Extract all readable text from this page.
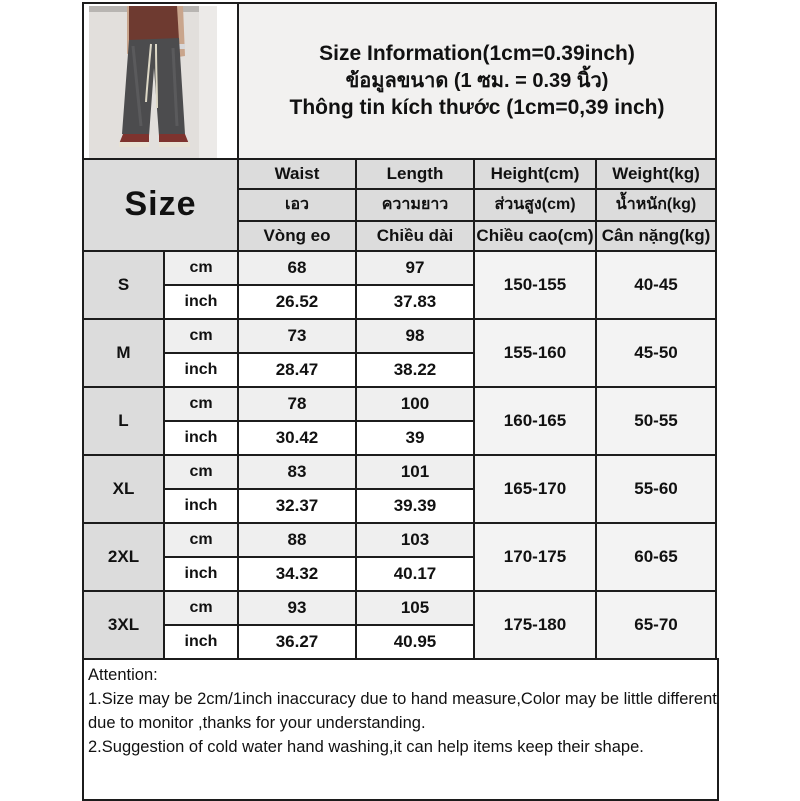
Size Information(1cm=0.39inch)
ข้อมูลขนาด (1 ซม. = 0.39 นิ้ว)
Thông tin kích thước (1cm=0,39 inch)			

Size		Waist	Length	Height(cm)	Weight(kg)
		เอว	ความยาว	ส่วนสูง(cm)	น้ำหนัก(kg)
		Vòng eo	Chiều dài	Chiều cao(cm)	Cân nặng(kg)
S	cm	68	97	150-155	40-45
	inch	26.52	37.83		
M	cm	73	98	155-160	45-50
	inch	28.47	38.22		
L	cm	78	100	160-165	50-55
	inch	30.42	39		
XL	cm	83	101	165-170	55-60
	inch	32.37	39.39		
2XL	cm	88	103	170-175	60-65
	inch	34.32	40.17		
3XL	cm	93	105	175-180	65-70
	inch	36.27	40.95		
Attention:
1.Size may be 2cm/1inch inaccuracy due to hand measure,Color may be little different
due to monitor ,thanks for your understanding.
2.Suggestion of cold water hand washing,it can help items keep their shape.
